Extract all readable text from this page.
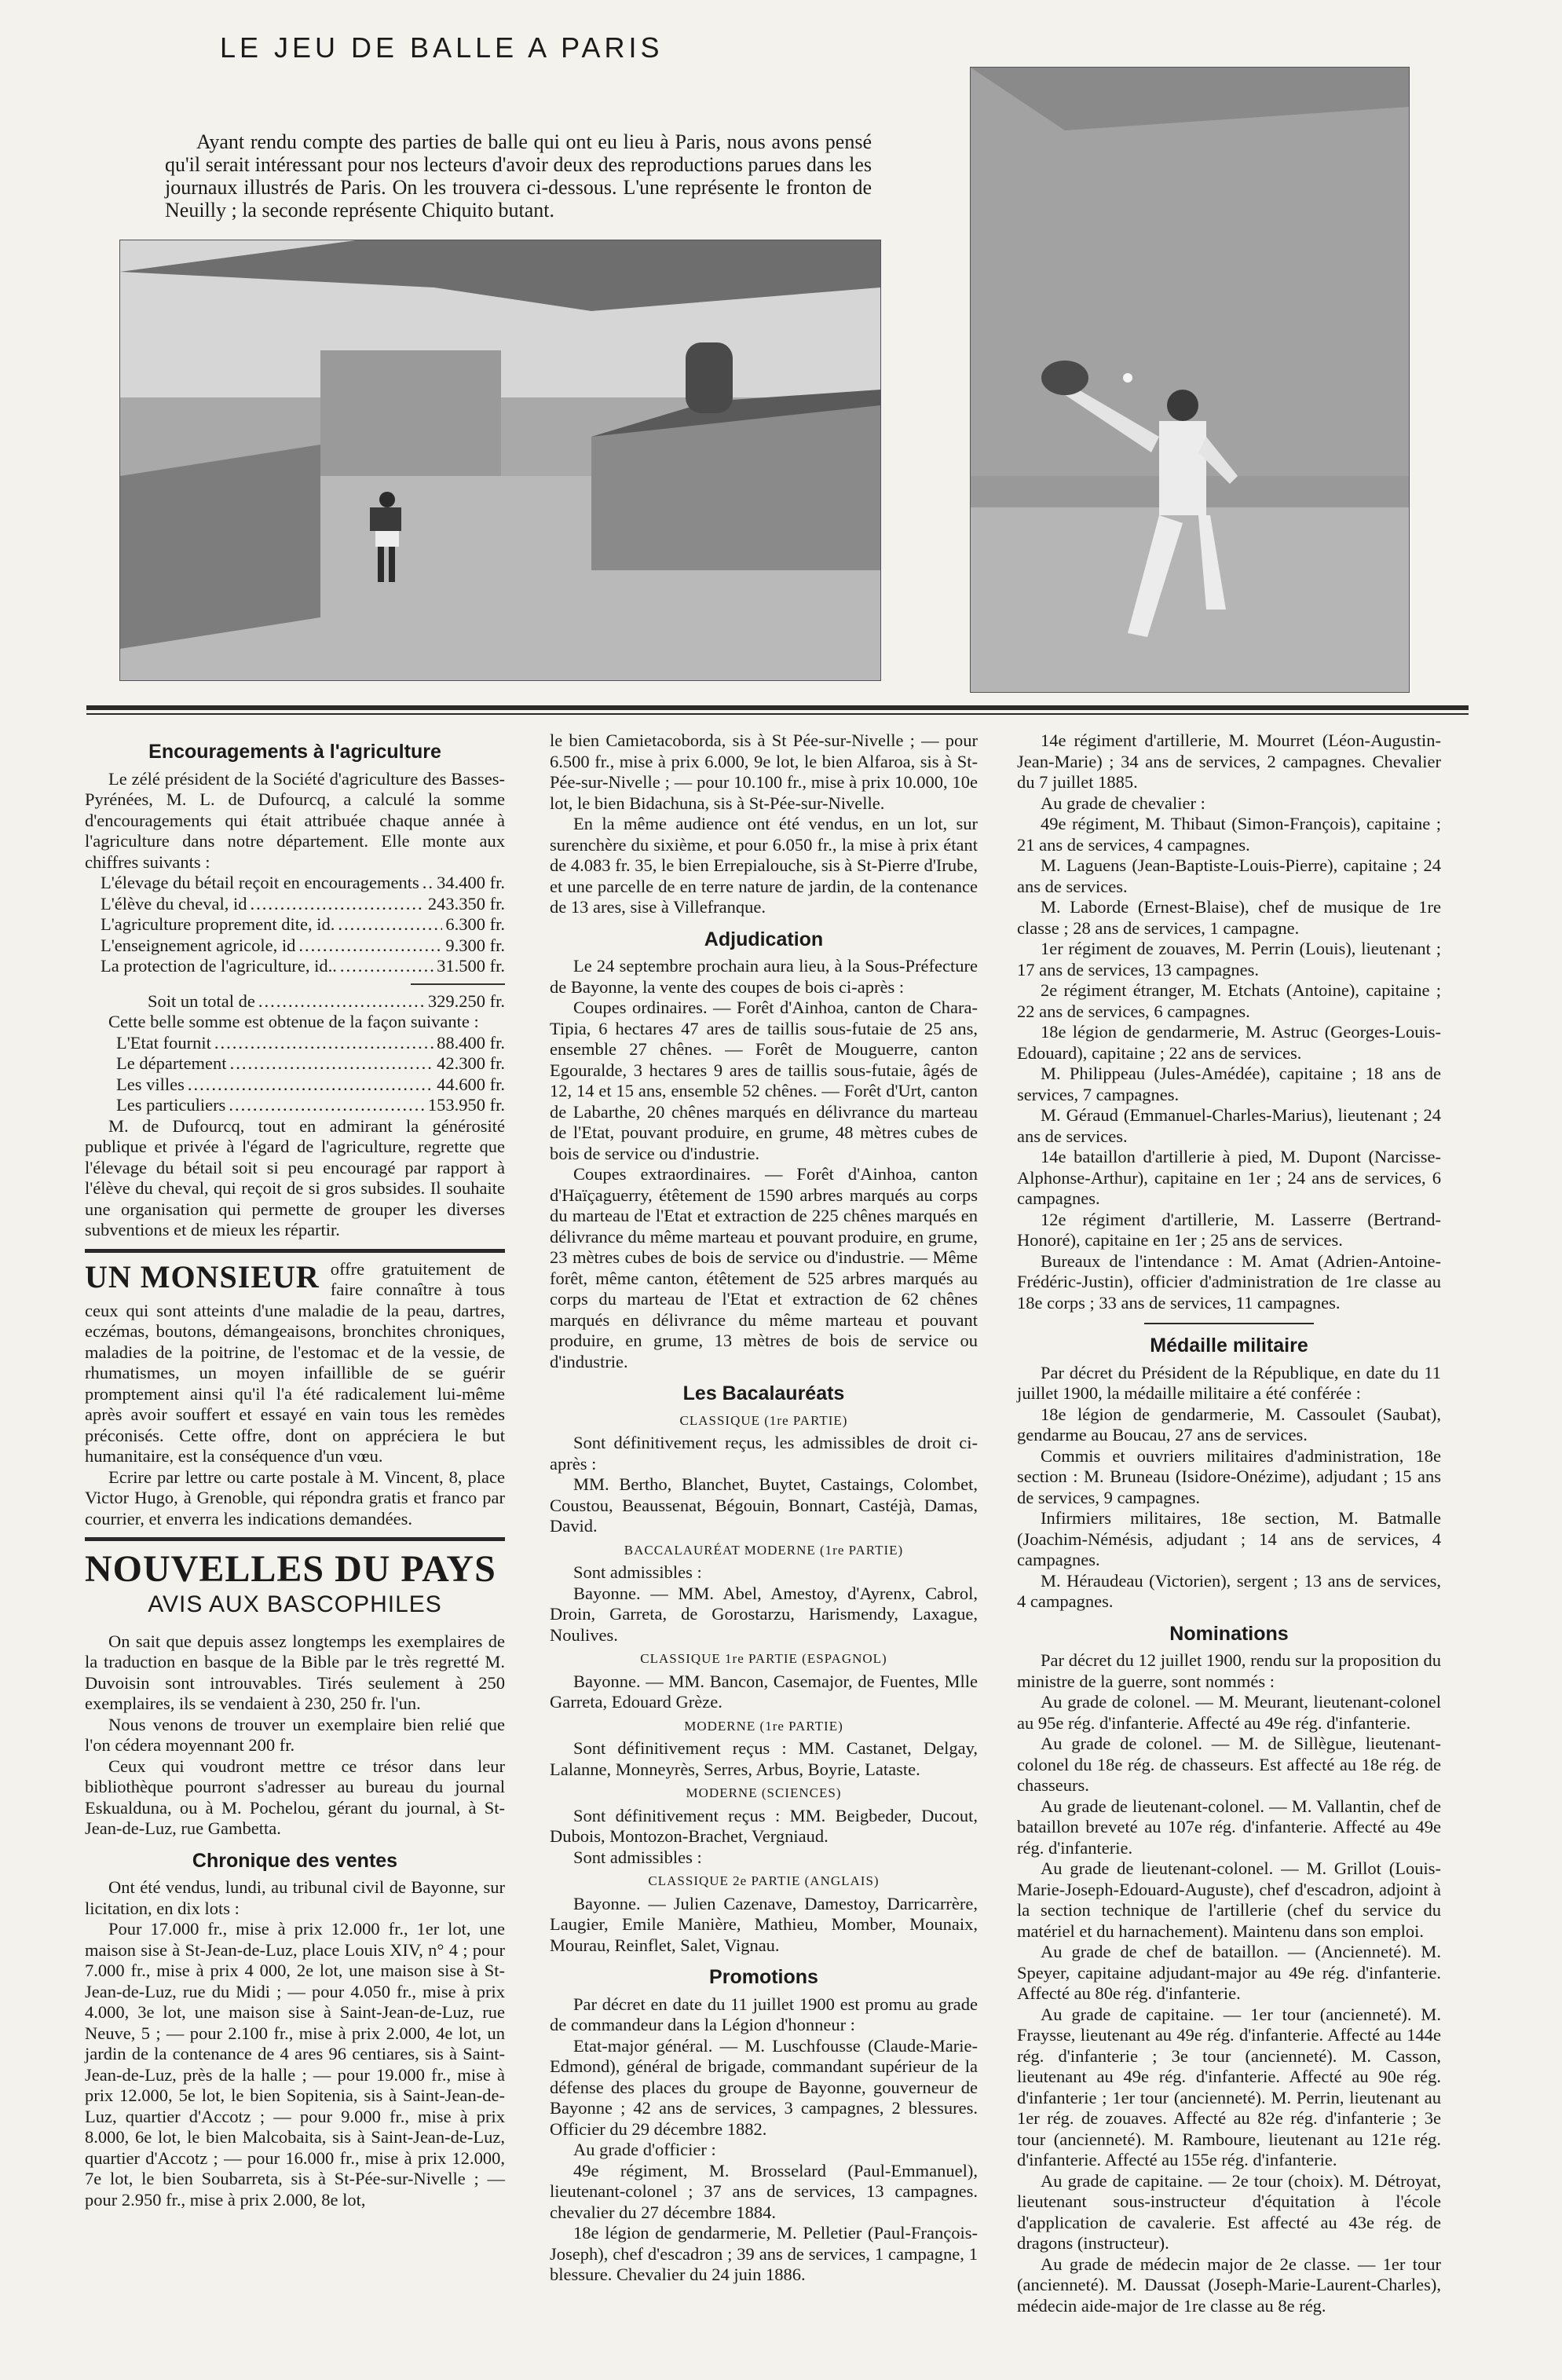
LE JEU DE BALLE A PARIS

Ayant rendu compte des parties de balle qui ont eu lieu à Paris, nous avons pensé qu'il serait intéressant pour nos lecteurs d'avoir deux des reproductions parues dans les journaux illustrés de Paris. On les trouvera ci-dessous. L'une représente le fronton de Neuilly ; la seconde représente Chiquito butant.

Encouragements à l'agriculture

Le zélé président de la Société d'agriculture des Basses-Pyrénées, M. L. de Dufourcq, a calculé la somme d'encouragements qui était attribuée chaque année à l'agriculture dans notre département. Elle monte aux chiffres suivants :

L'élevage du bétail reçoit en encouragements ..... 34.400 fr.
L'élève du cheval, id .....	243.350 fr.
L'agriculture proprement dite, id. .....	6.300 fr.
L'enseignement agricole, id .....	9.300 fr.
La protection de l'agriculture, id.. .....	31.500 fr.
Soit un total de .....	329.250 fr.

Cette belle somme est obtenue de la façon suivante :

L'Etat fournit .....	88.400 fr.
Le département .....	42.300 fr.
Les villes .....	44.600 fr.
Les particuliers .....	153.950 fr.

M. de Dufourcq, tout en admirant la générosité publique et privée à l'égard de l'agriculture, regrette que l'élevage du bétail soit si peu encouragé par rapport à l'élève du cheval, qui reçoit de si gros subsides. Il souhaite une organisation qui permette de grouper les diverses subventions et de mieux les répartir.

UN MONSIEUR offre gratuitement de faire connaître à tous ceux qui sont atteints d'une maladie de la peau, dartres, eczémas, boutons, démangeaisons, bronchites chroniques, maladies de la poitrine, de l'estomac et de la vessie, de rhumatismes, un moyen infaillible de se guérir promptement ainsi qu'il l'a été radicalement lui-même après avoir souffert et essayé en vain tous les remèdes préconisés. Cette offre, dont on appréciera le but humanitaire, est la conséquence d'un vœu.

Ecrire par lettre ou carte postale à M. Vincent, 8, place Victor Hugo, à Grenoble, qui répondra gratis et franco par courrier, et enverra les indications demandées.

NOUVELLES DU PAYS
AVIS AUX BASCOPHILES

On sait que depuis assez longtemps les exemplaires de la traduction en basque de la Bible par le très regretté M. Duvoisin sont introuvables. Tirés seulement à 250 exemplaires, ils se vendaient à 230, 250 fr. l'un.

Nous venons de trouver un exemplaire bien relié que l'on cédera moyennant 200 fr.

Ceux qui voudront mettre ce trésor dans leur bibliothèque pourront s'adresser au bureau du journal Eskualduna, ou à M. Pochelou, gérant du journal, à St-Jean-de-Luz, rue Gambetta.

Chronique des ventes

Ont été vendus, lundi, au tribunal civil de Bayonne, sur licitation, en dix lots :

Pour 17.000 fr., mise à prix 12.000 fr., 1er lot, une maison sise à St-Jean-de-Luz, place Louis XIV, n° 4 ; pour 7.000 fr., mise à prix 4 000, 2e lot, une maison sise à St-Jean-de-Luz, rue du Midi ; — pour 4.050 fr., mise à prix 4.000, 3e lot, une maison sise à Saint-Jean-de-Luz, rue Neuve, 5 ; — pour 2.100 fr., mise à prix 2.000, 4e lot, un jardin de la contenance de 4 ares 96 centiares, sis à Saint-Jean-de-Luz, près de la halle ; — pour 19.000 fr., mise à prix 12.000, 5e lot, le bien Sopitenia, sis à Saint-Jean-de-Luz, quartier d'Accotz ; — pour 9.000 fr., mise à prix 8.000, 6e lot, le bien Malcobaita, sis à Saint-Jean-de-Luz, quartier d'Accotz ; — pour 16.000 fr., mise à prix 12.000, 7e lot, le bien Soubarreta, sis à St-Pée-sur-Nivelle ; — pour 2.950 fr., mise à prix 2.000, 8e lot,

le bien Camietacoborda, sis à St Pée-sur-Nivelle ; — pour 6.500 fr., mise à prix 6.000, 9e lot, le bien Alfaroa, sis à St-Pée-sur-Nivelle ; — pour 10.100 fr., mise à prix 10.000, 10e lot, le bien Bidachuna, sis à St-Pée-sur-Nivelle.

En la même audience ont été vendus, en un lot, sur surenchère du sixième, et pour 6.050 fr., la mise à prix étant de 4.083 fr. 35, le bien Errepialouche, sis à St-Pierre d'Irube, et une parcelle de en terre nature de jardin, de la contenance de 13 ares, sise à Villefranque.

Adjudication

Le 24 septembre prochain aura lieu, à la Sous-Préfecture de Bayonne, la vente des coupes de bois ci-après :

Coupes ordinaires. — Forêt d'Ainhoa, canton de Chara-Tipia, 6 hectares 47 ares de taillis sous-futaie de 25 ans, ensemble 27 chênes. — Forêt de Mouguerre, canton Egouralde, 3 hectares 9 ares de taillis sous-futaie, âgés de 12, 14 et 15 ans, ensemble 52 chênes. — Forêt d'Urt, canton de Labarthe, 20 chênes marqués en délivrance du marteau de l'Etat, pouvant produire, en grume, 48 mètres cubes de bois de service ou d'industrie.

Coupes extraordinaires. — Forêt d'Ainhoa, canton d'Haïçaguerry, étêtement de 1590 arbres marqués au corps du marteau de l'Etat et extraction de 225 chênes marqués en délivrance du même marteau et pouvant produire, en grume, 23 mètres cubes de bois de service ou d'industrie. — Même forêt, même canton, étêtement de 525 arbres marqués au corps du marteau de l'Etat et extraction de 62 chênes marqués en délivrance du même marteau et pouvant produire, en grume, 13 mètres de bois de service ou d'industrie.

Les Bacalauréats
CLASSIQUE (1re PARTIE)

Sont définitivement reçus, les admissibles de droit ci-après :

MM. Bertho, Blanchet, Buytet, Castaings, Colombet, Coustou, Beaussenat, Bégouin, Bonnart, Castéjà, Damas, David.

BACCALAURÉAT MODERNE (1re PARTIE)

Sont admissibles :

Bayonne. — MM. Abel, Amestoy, d'Ayrenx, Cabrol, Droin, Garreta, de Gorostarzu, Harismendy, Laxague, Noulives.

CLASSIQUE 1re PARTIE (ESPAGNOL)

Bayonne. — MM. Bancon, Casemajor, de Fuentes, Mlle Garreta, Edouard Grèze.

MODERNE (1re PARTIE)

Sont définitivement reçus : MM. Castanet, Delgay, Lalanne, Monneyrès, Serres, Arbus, Boyrie, Lataste.

MODERNE (SCIENCES)

Sont définitivement reçus : MM. Beigbeder, Ducout, Dubois, Montozon-Brachet, Vergniaud.

Sont admissibles :

CLASSIQUE 2e PARTIE (ANGLAIS)

Bayonne. — Julien Cazenave, Damestoy, Darricarrère, Laugier, Emile Manière, Mathieu, Momber, Mounaix, Mourau, Reinflet, Salet, Vignau.

Promotions

Par décret en date du 11 juillet 1900 est promu au grade de commandeur dans la Légion d'honneur :

Etat-major général. — M. Luschfousse (Claude-Marie-Edmond), général de brigade, commandant supérieur de la défense des places du groupe de Bayonne, gouverneur de Bayonne ; 42 ans de services, 3 campagnes, 2 blessures. Officier du 29 décembre 1882.

Au grade d'officier :

49e régiment, M. Brosselard (Paul-Emmanuel), lieutenant-colonel ; 37 ans de services, 13 campagnes. chevalier du 27 décembre 1884.

18e légion de gendarmerie, M. Pelletier (Paul-François-Joseph), chef d'escadron ; 39 ans de services, 1 campagne, 1 blessure. Chevalier du 24 juin 1886.

14e régiment d'artillerie, M. Mourret (Léon-Augustin-Jean-Marie) ; 34 ans de services, 2 campagnes. Chevalier du 7 juillet 1885.

Au grade de chevalier :

49e régiment, M. Thibaut (Simon-François), capitaine ; 21 ans de services, 4 campagnes.

M. Laguens (Jean-Baptiste-Louis-Pierre), capitaine ; 24 ans de services.

M. Laborde (Ernest-Blaise), chef de musique de 1re classe ; 28 ans de services, 1 campagne.

1er régiment de zouaves, M. Perrin (Louis), lieutenant ; 17 ans de services, 13 campagnes.

2e régiment étranger, M. Etchats (Antoine), capitaine ; 22 ans de services, 6 campagnes.

18e légion de gendarmerie, M. Astruc (Georges-Louis-Edouard), capitaine ; 22 ans de services.

M. Philippeau (Jules-Amédée), capitaine ; 18 ans de services, 7 campagnes.

M. Géraud (Emmanuel-Charles-Marius), lieutenant ; 24 ans de services.

14e bataillon d'artillerie à pied, M. Dupont (Narcisse-Alphonse-Arthur), capitaine en 1er ; 24 ans de services, 6 campagnes.

12e régiment d'artillerie, M. Lasserre (Bertrand-Honoré), capitaine en 1er ; 25 ans de services.

Bureaux de l'intendance : M. Amat (Adrien-Antoine-Frédéric-Justin), officier d'administration de 1re classe au 18e corps ; 33 ans de services, 11 campagnes.

Médaille militaire

Par décret du Président de la République, en date du 11 juillet 1900, la médaille militaire a été conférée :

18e légion de gendarmerie, M. Cassoulet (Saubat), gendarme au Boucau, 27 ans de services.

Commis et ouvriers militaires d'administration, 18e section : M. Bruneau (Isidore-Onézime), adjudant ; 15 ans de services, 9 campagnes.

Infirmiers militaires, 18e section, M. Batmalle (Joachim-Némésis, adjudant ; 14 ans de services, 4 campagnes.

M. Héraudeau (Victorien), sergent ; 13 ans de services, 4 campagnes.

Nominations

Par décret du 12 juillet 1900, rendu sur la proposition du ministre de la guerre, sont nommés :

Au grade de colonel. — M. Meurant, lieutenant-colonel au 95e rég. d'infanterie. Affecté au 49e rég. d'infanterie.

Au grade de colonel. — M. de Sillègue, lieutenant-colonel du 18e rég. de chasseurs. Est affecté au 18e rég. de chasseurs.

Au grade de lieutenant-colonel. — M. Vallantin, chef de bataillon breveté au 107e rég. d'infanterie. Affecté au 49e rég. d'infanterie.

Au grade de lieutenant-colonel. — M. Grillot (Louis-Marie-Joseph-Edouard-Auguste), chef d'escadron, adjoint à la section technique de l'artillerie (chef du service du matériel et du harnachement). Maintenu dans son emploi.

Au grade de chef de bataillon. — (Ancienneté). M. Speyer, capitaine adjudant-major au 49e rég. d'infanterie. Affecté au 80e rég. d'infanterie.

Au grade de capitaine. — 1er tour (ancienneté). M. Fraysse, lieutenant au 49e rég. d'infanterie. Affecté au 144e rég. d'infanterie ; 3e tour (ancienneté). M. Casson, lieutenant au 49e rég. d'infanterie. Affecté au 90e rég. d'infanterie ; 1er tour (ancienneté). M. Perrin, lieutenant au 1er rég. de zouaves. Affecté au 82e rég. d'infanterie ; 3e tour (ancienneté). M. Ramboure, lieutenant au 121e rég. d'infanterie. Affecté au 155e rég. d'infanterie.

Au grade de capitaine. — 2e tour (choix). M. Détroyat, lieutenant sous-instructeur d'équitation à l'école d'application de cavalerie. Est affecté au 43e rég. de dragons (instructeur).

Au grade de médecin major de 2e classe. — 1er tour (ancienneté). M. Daussat (Joseph-Marie-Laurent-Charles), médecin aide-major de 1re classe au 8e rég.
